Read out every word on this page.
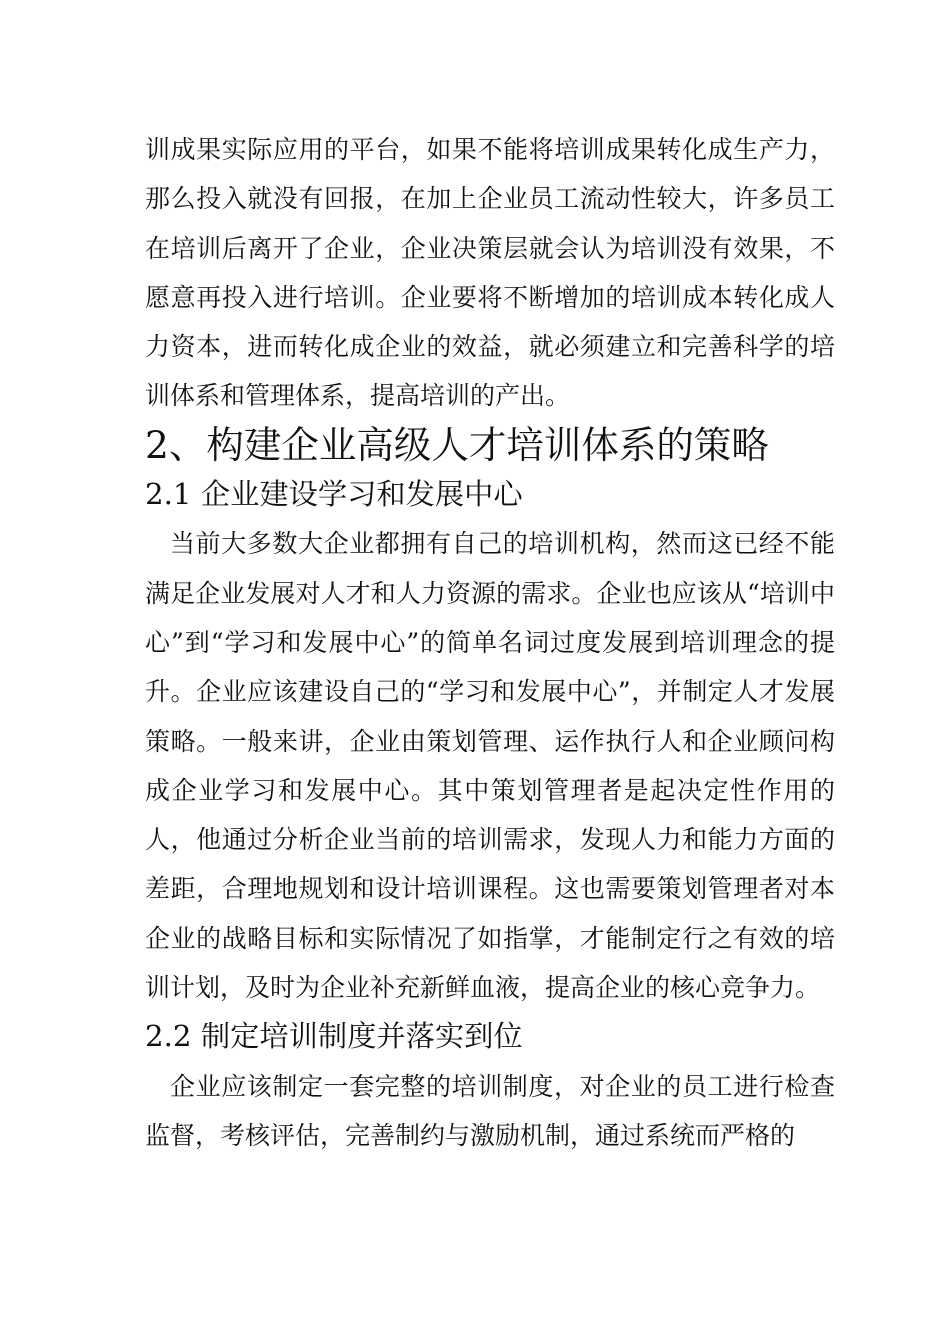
训成果实际应用的平台，如果不能将培训成果转化成生产力，那么投入就没有回报，在加上企业员工流动性较大，许多员工在培训后离开了企业，企业决策层就会认为培训没有效果，不愿意再投入进行培训。企业要将不断增加的培训成本转化成人力资本，进而转化成企业的效益，就必须建立和完善科学的培训体系和管理体系，提高培训的产出。

2、构建企业高级人才培训体系的策略
2.1 企业建设学习和发展中心

当前大多数大企业都拥有自己的培训机构，然而这已经不能满足企业发展对人才和人力资源的需求。企业也应该从“培训中心”到“学习和发展中心”的简单名词过度发展到培训理念的提升。企业应该建设自己的“学习和发展中心”，并制定人才发展策略。一般来讲，企业由策划管理、运作执行人和企业顾问构成企业学习和发展中心。其中策划管理者是起决定性作用的人，他通过分析企业当前的培训需求，发现人力和能力方面的差距，合理地规划和设计培训课程。这也需要策划管理者对本企业的战略目标和实际情况了如指掌，才能制定行之有效的培训计划，及时为企业补充新鲜血液，提高企业的核心竞争力。

2.2 制定培训制度并落实到位

企业应该制定一套完整的培训制度，对企业的员工进行检查监督，考核评估，完善制约与激励机制，通过系统而严格的
